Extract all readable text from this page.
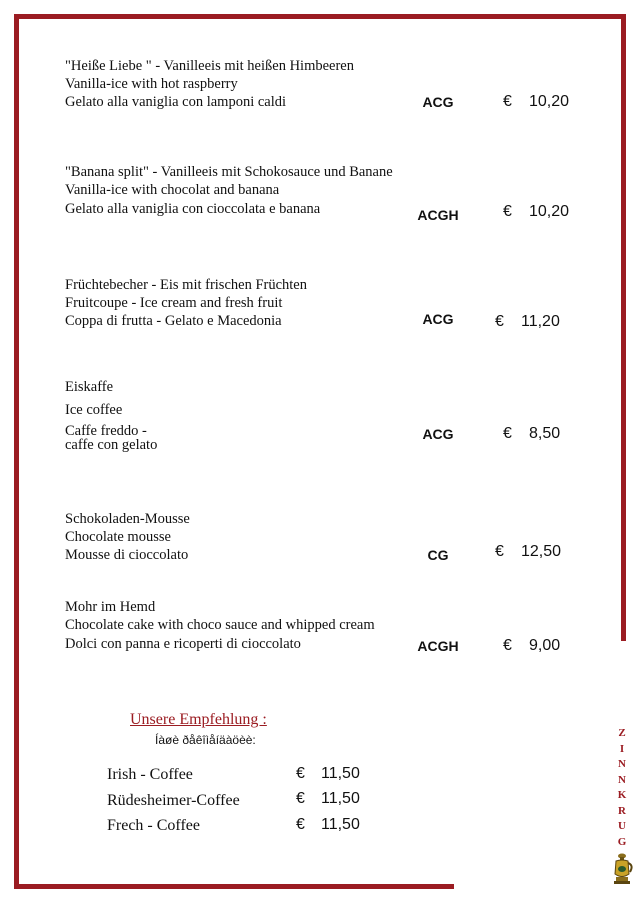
"Heiße Liebe " - Vanilleeis mit heißen Himbeeren
Vanilla-ice with hot raspberry
Gelato alla vaniglia con lamponi caldi	ACG	€ 10,20
"Banana split" - Vanilleeis mit Schokosauce und Banane
Vanilla-ice with chocolat and banana
Gelato alla vaniglia con cioccolata e banana	ACGH	€ 10,20
Früchtebecher - Eis mit frischen Früchten
Fruitcoupe - Ice cream and fresh fruit
Coppa di frutta - Gelato e Macedonia	ACG	€ 11,20
Eiskaffe
Ice coffee
Caffe freddo -
caffe con gelato
ACG	€ 8,50
Schokoladen-Mousse
Chocolate mousse
Mousse di cioccolato	CG	€ 12,50
Mohr im Hemd
Chocolate cake with choco sauce and whipped cream
Dolci con panna e ricoperti di cioccolato	ACGH	€ 9,00
Unsere Empfehlung :
Íàøè ðåêîìåíäàöèè:
Irish - Coffee	€ 11,50
Rüdesheimer-Coffee	€ 11,50
Frech - Coffee	€ 11,50
Z
I
N
N
K
R
U
G
